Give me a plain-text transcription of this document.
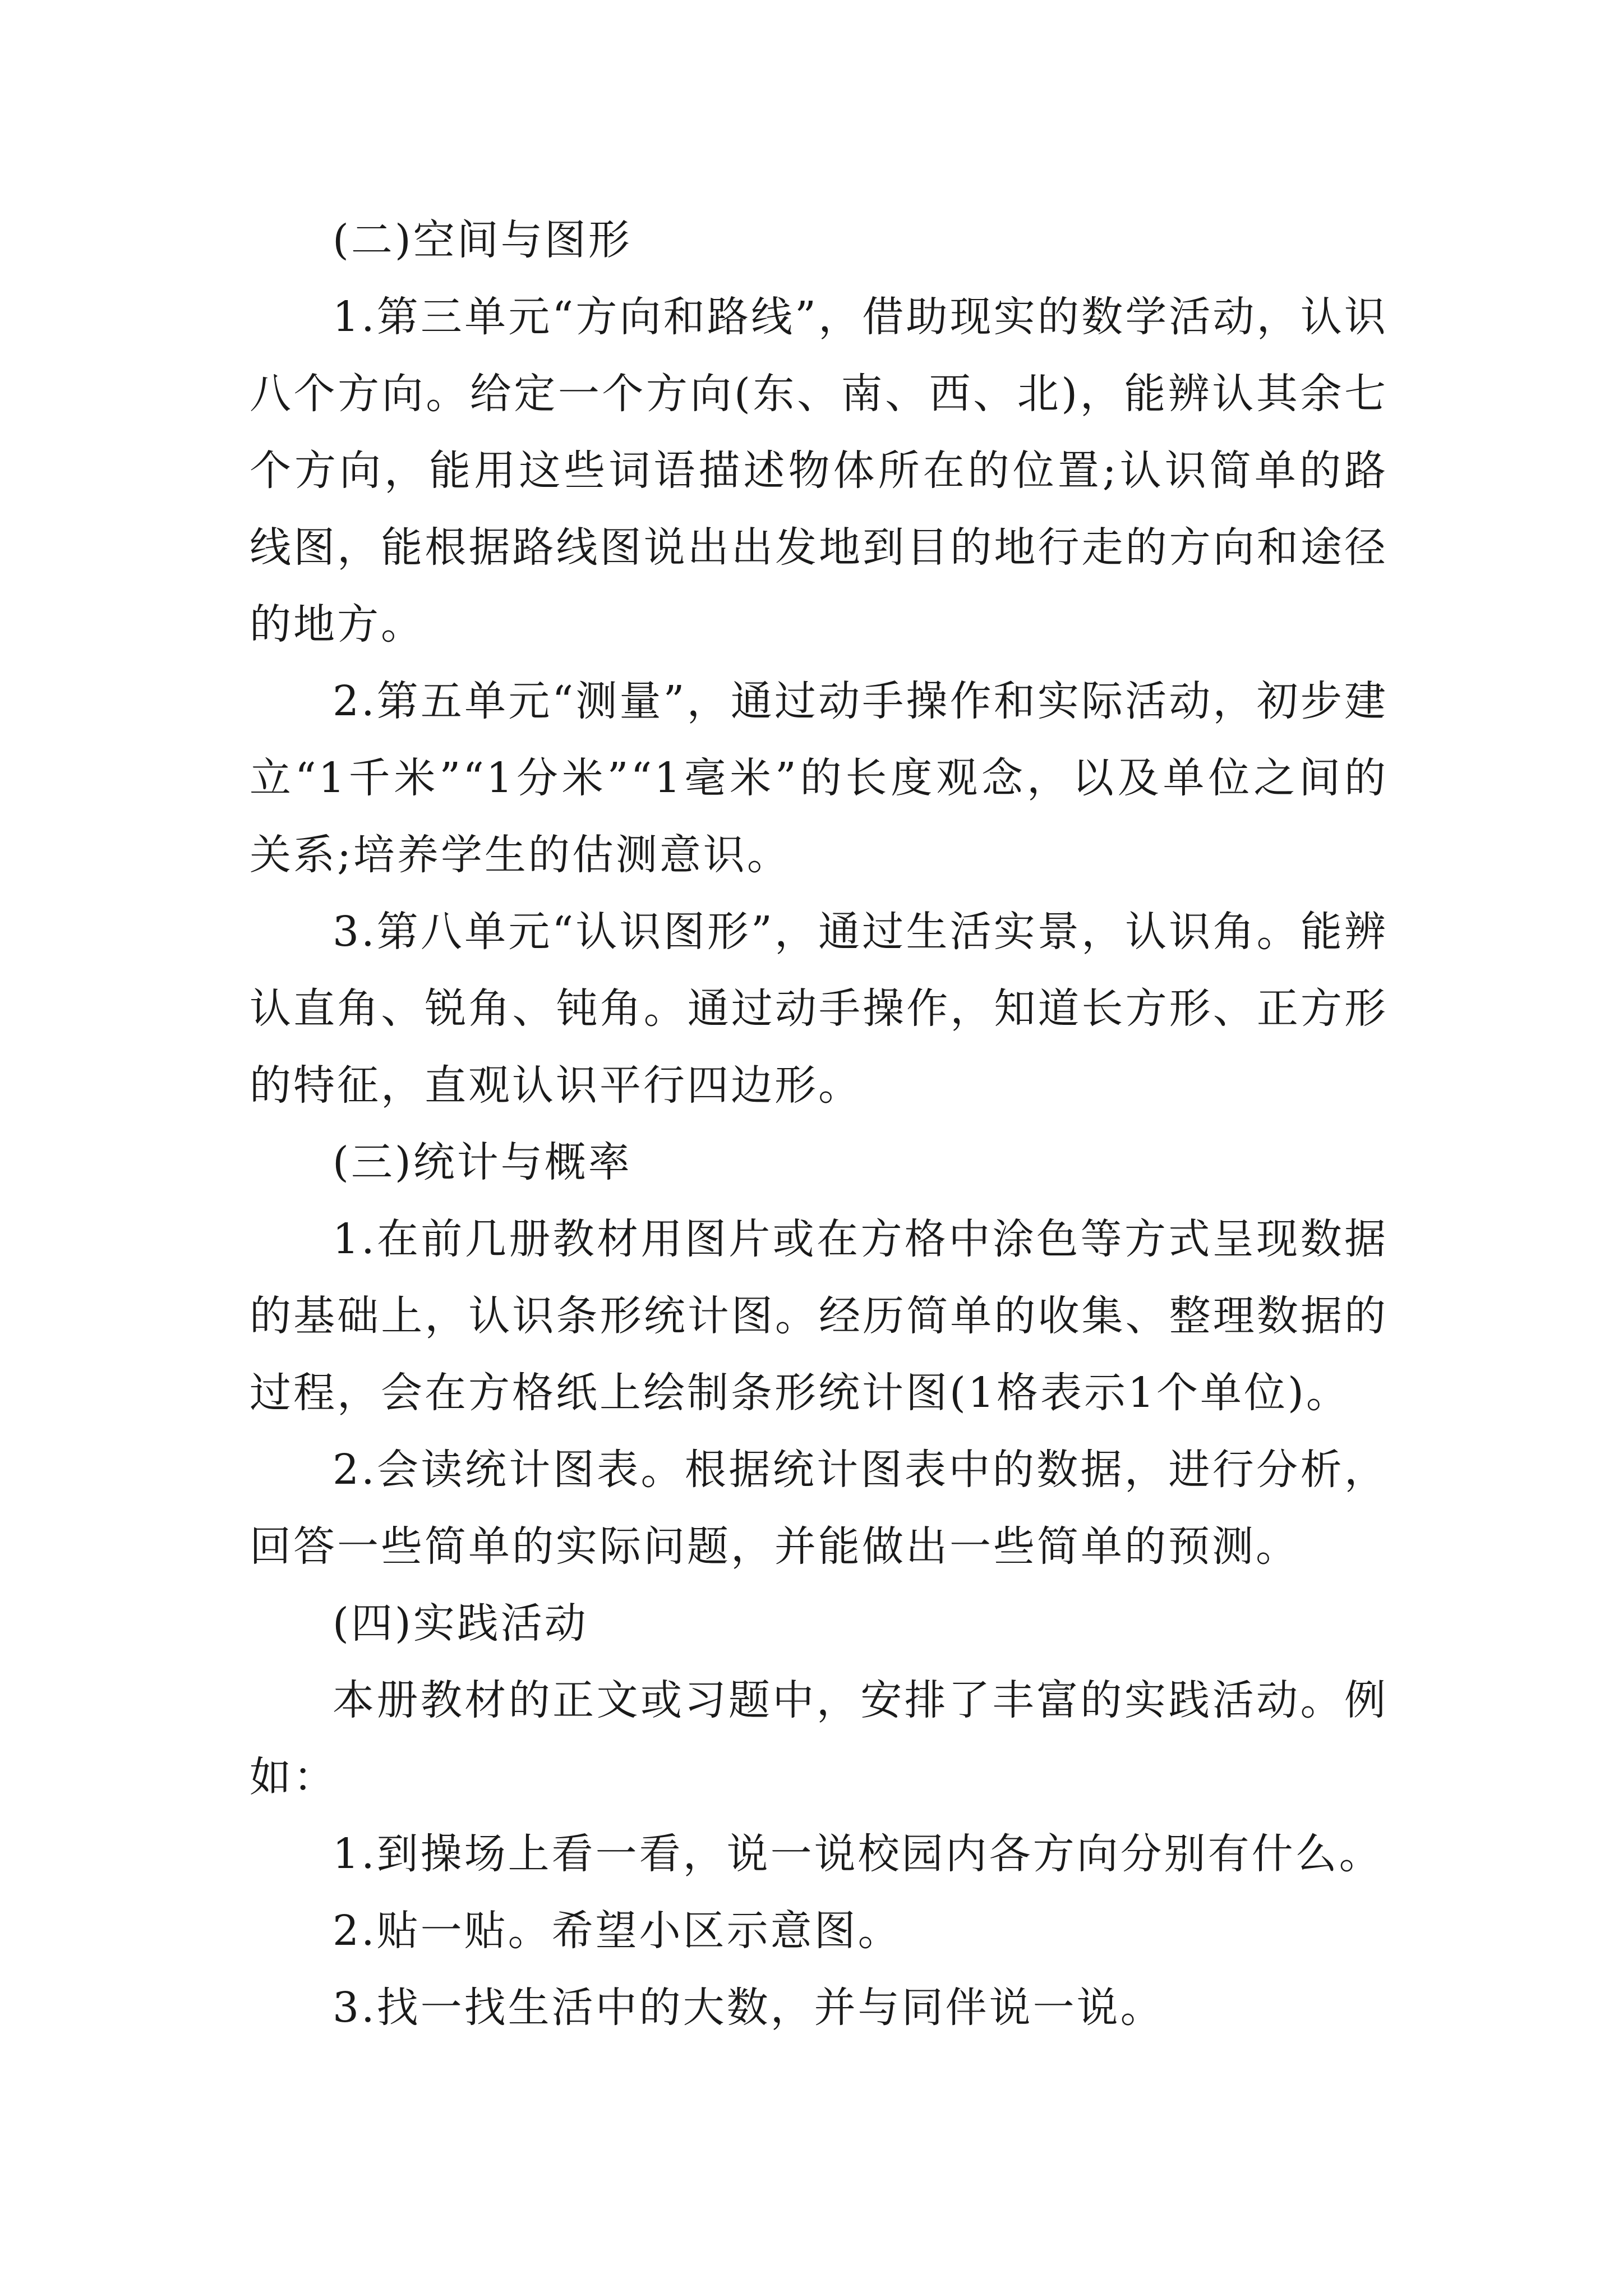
(二)空间与图形

1.第三单元“方向和路线”，借助现实的数学活动，认识八个方向。给定一个方向(东、南、西、北)，能辨认其余七个方向，能用这些词语描述物体所在的位置;认识简单的路线图，能根据路线图说出出发地到目的地行走的方向和途径的地方。

2.第五单元“测量”，通过动手操作和实际活动，初步建立“1千米”“1分米”“1毫米”的长度观念，以及单位之间的关系;培养学生的估测意识。

3.第八单元“认识图形”，通过生活实景，认识角。能辨认直角、锐角、钝角。通过动手操作，知道长方形、正方形的特征，直观认识平行四边形。

(三)统计与概率

1.在前几册教材用图片或在方格中涂色等方式呈现数据的基础上，认识条形统计图。经历简单的收集、整理数据的过程，会在方格纸上绘制条形统计图(1格表示1个单位)。

2.会读统计图表。根据统计图表中的数据，进行分析，回答一些简单的实际问题，并能做出一些简单的预测。

(四)实践活动

本册教材的正文或习题中，安排了丰富的实践活动。例如：

1.到操场上看一看，说一说校园内各方向分别有什么。

2.贴一贴。希望小区示意图。

3.找一找生活中的大数，并与同伴说一说。
